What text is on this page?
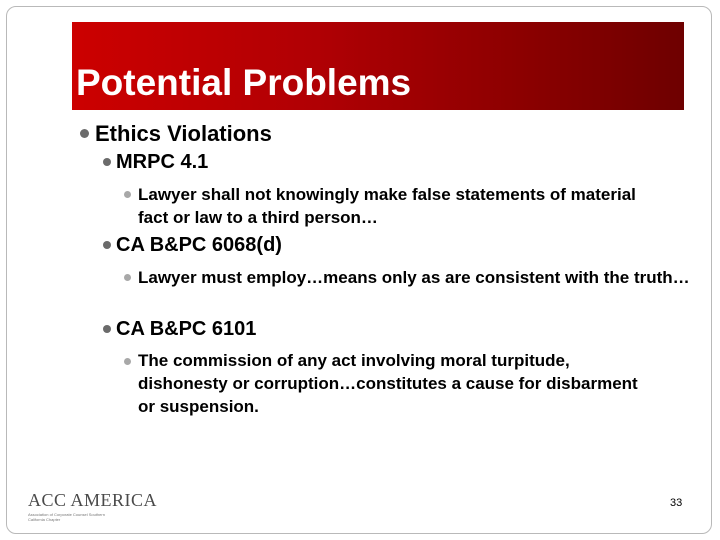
Potential Problems
Ethics Violations
MRPC 4.1
Lawyer shall not knowingly make false statements of material fact or law to a third person…
CA B&PC 6068(d)
Lawyer must employ…means only as are consistent with the truth…
CA B&PC 6101
The commission of any act involving moral turpitude, dishonesty or corruption…constitutes a cause for disbarment or suspension.
ACC AMERICA
Association of Corporate Counsel Southern California Chapter
33
